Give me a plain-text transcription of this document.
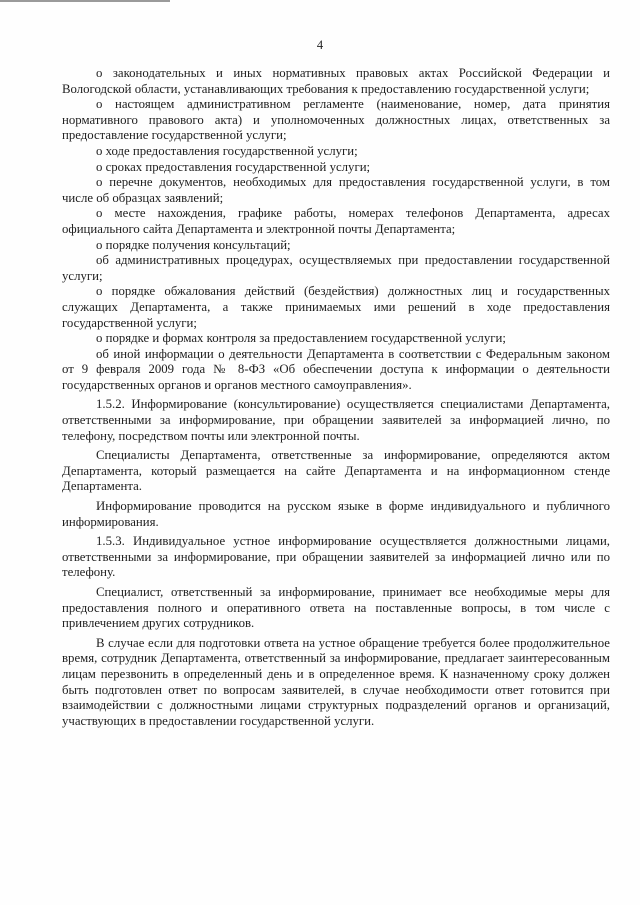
4

о законодательных и иных нормативных правовых актах Российской Федерации и Вологодской области, устанавливающих требования к предоставлению государственной услуги;

о настоящем административном регламенте (наименование, номер, дата принятия нормативного правового акта) и уполномоченных должностных лицах, ответственных за предоставление государственной услуги;

о ходе предоставления государственной услуги;

о сроках предоставления государственной услуги;

о перечне документов, необходимых для предоставления государственной услуги, в том числе об образцах заявлений;

о месте нахождения, графике работы, номерах телефонов Департамента, адресах официального сайта Департамента и электронной почты Департамента;

о порядке получения консультаций;

об административных процедурах, осуществляемых при предоставлении государственной услуги;

о порядке обжалования действий (бездействия) должностных лиц и государственных служащих Департамента, а также принимаемых ими решений в ходе предоставления государственной услуги;

о порядке и формах контроля за предоставлением государственной услуги;

об иной информации о деятельности Департамента в соответствии с Федеральным законом от 9 февраля 2009 года № 8-ФЗ «Об обеспечении доступа к информации о деятельности государственных органов и органов местного самоуправления».

1.5.2. Информирование (консультирование) осуществляется специалистами Департамента, ответственными за информирование, при обращении заявителей за информацией лично, по телефону, посредством почты или электронной почты.

Специалисты Департамента, ответственные за информирование, определяются актом Департамента, который размещается на сайте Департамента и на информационном стенде Департамента.

Информирование проводится на русском языке в форме индивидуального и публичного информирования.

1.5.3. Индивидуальное устное информирование осуществляется должностными лицами, ответственными за информирование, при обращении заявителей за информацией лично или по телефону.

Специалист, ответственный за информирование, принимает все необходимые меры для предоставления полного и оперативного ответа на поставленные вопросы, в том числе с привлечением других сотрудников.

В случае если для подготовки ответа на устное обращение требуется более продолжительное время, сотрудник Департамента, ответственный за информирование, предлагает заинтересованным лицам перезвонить в определенный день и в определенное время. К назначенному сроку должен быть подготовлен ответ по вопросам заявителей, в случае необходимости ответ готовится при взаимодействии с должностными лицами структурных подразделений органов и организаций, участвующих в предоставлении государственной услуги.
